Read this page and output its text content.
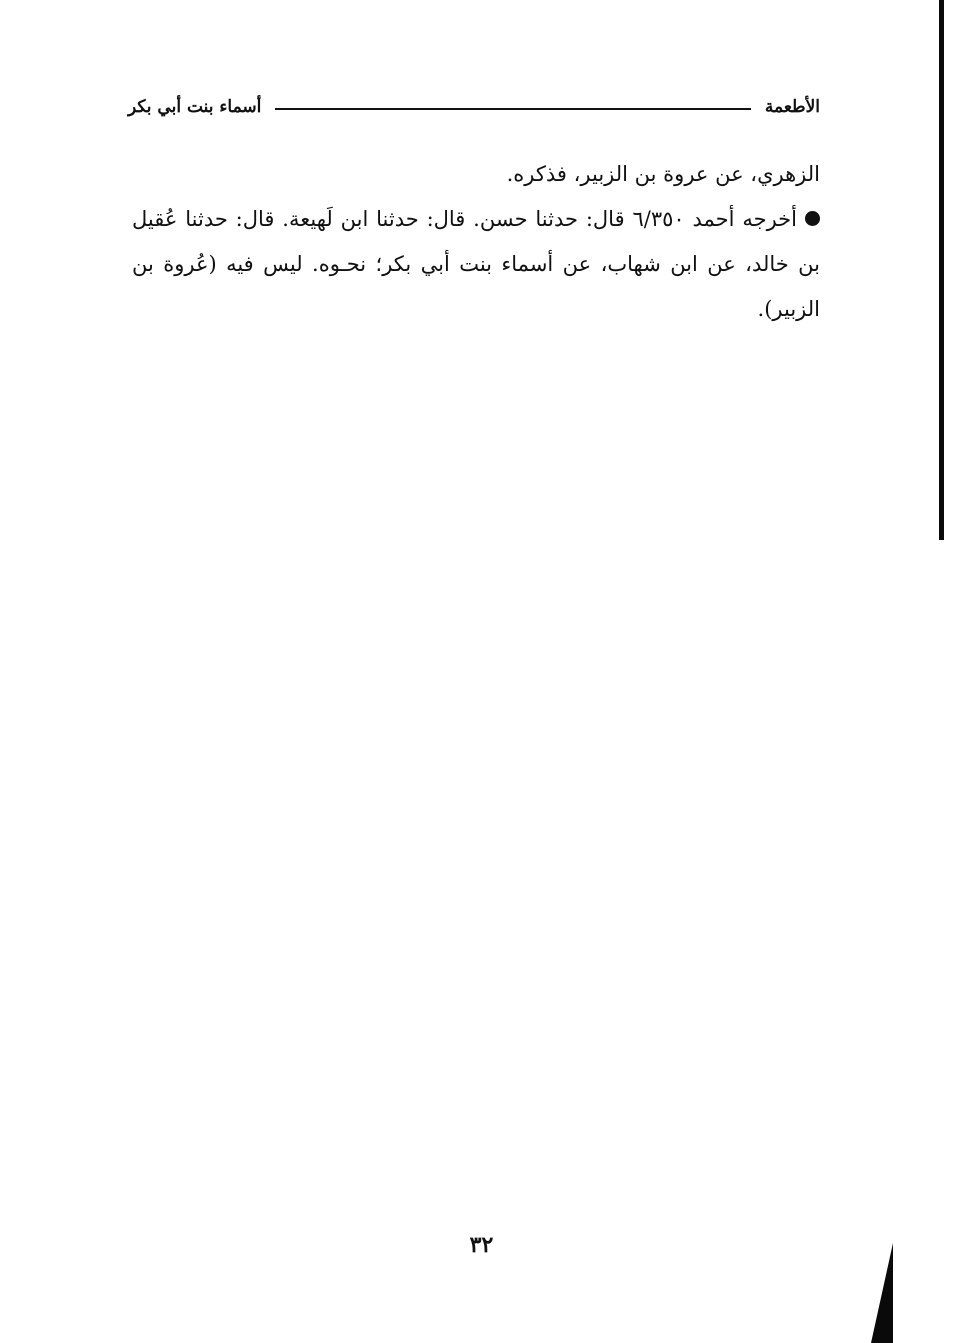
الأطعمة
أسماء بنت أبي بكر

الزهري، عن عروة بن الزبير، فذكره.

أخرجه أحمد ٦/٣٥٠ قال: حدثنا حسن. قال: حدثنا ابن لَهيعة. قال: حدثنا عُقيل بن خالد، عن ابن شهاب، عن أسماء بنت أبي بكر؛ نحـوه. ليس فيه (عُروة بن الزبير).

٣٢
